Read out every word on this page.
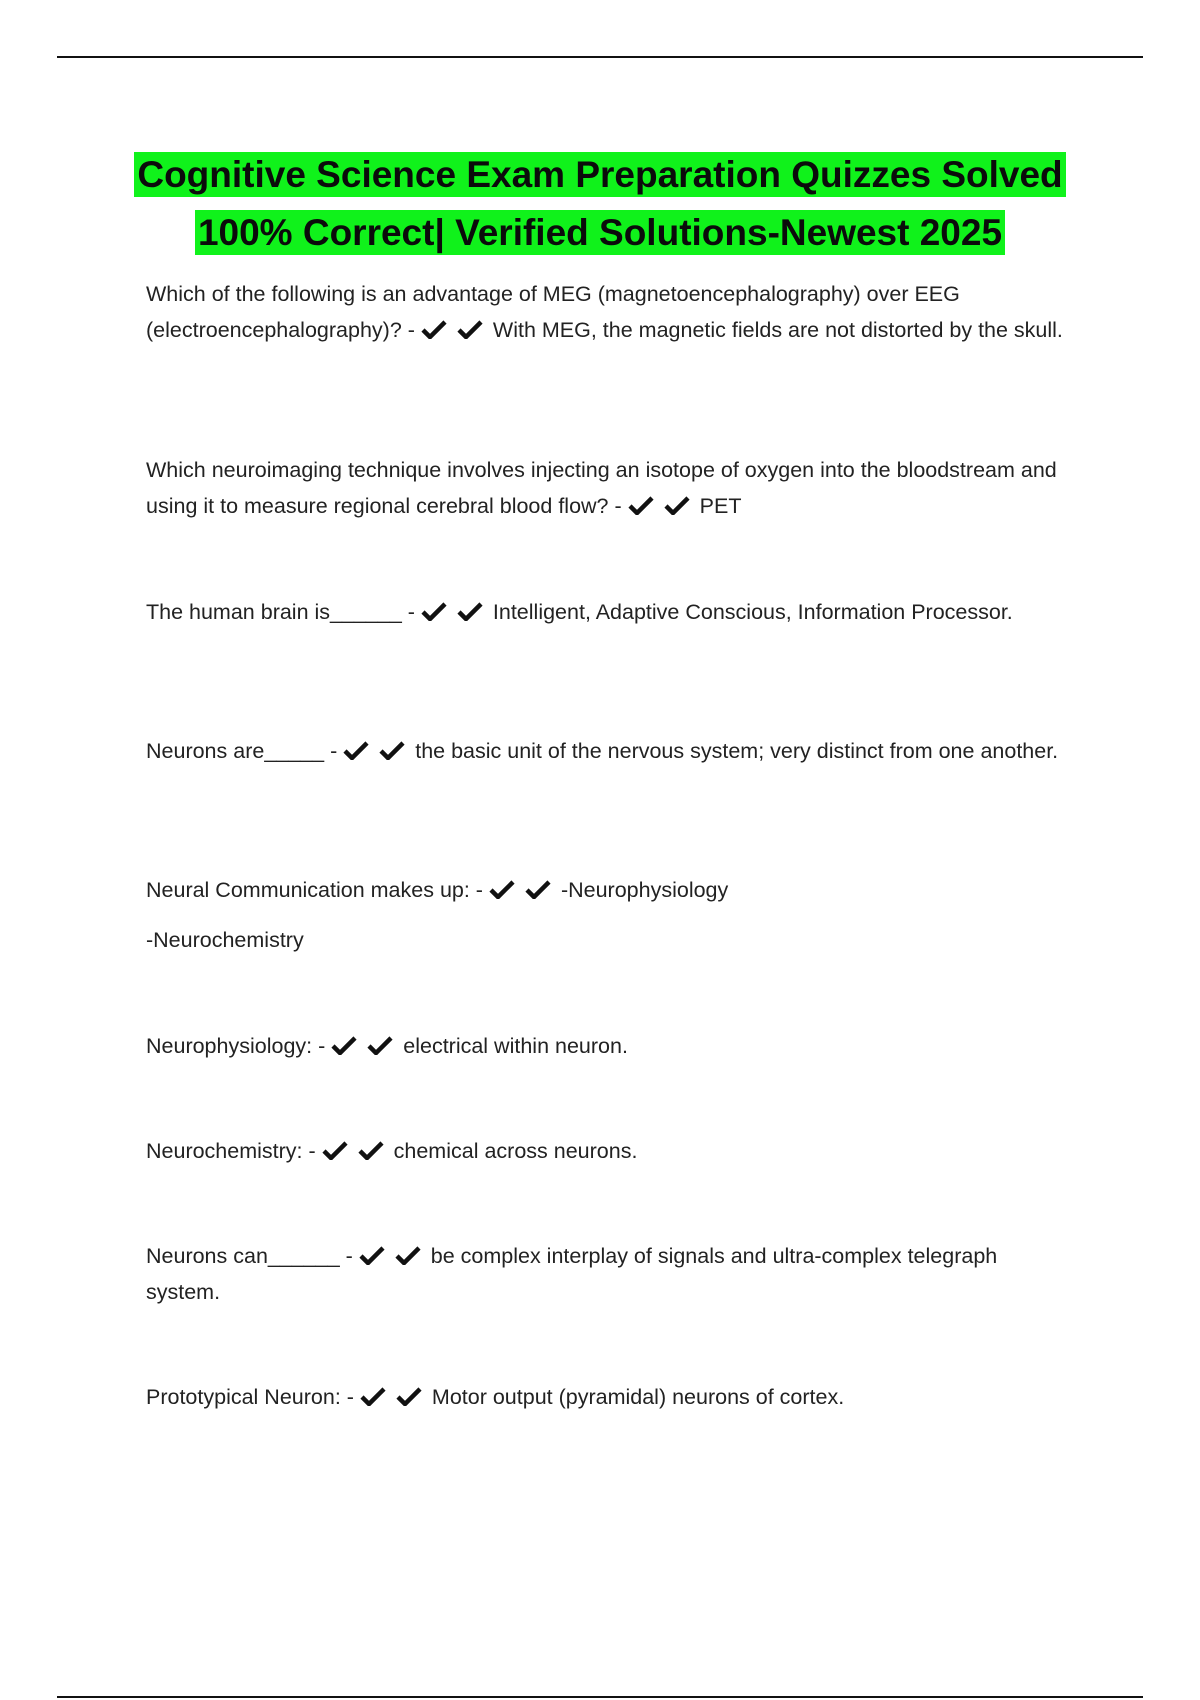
Cognitive Science Exam Preparation Quizzes Solved
100% Correct| Verified Solutions-Newest 2025

Which of the following is an advantage of MEG (magnetoencephalography) over EEG (electroencephalography)? -	With MEG, the magnetic fields are not distorted by the skull.

Which neuroimaging technique involves injecting an isotope of oxygen into the bloodstream and using it to measure regional cerebral blood flow? -	PET

The human brain is______ -	Intelligent, Adaptive Conscious, Information Processor.

Neurons are_____ -	the basic unit of the nervous system; very distinct from one another.

Neural Communication makes up: -	-Neurophysiology

-Neurochemistry

Neurophysiology: -	electrical within neuron.

Neurochemistry: -	chemical across neurons.

Neurons can______ -	be complex interplay of signals and ultra-complex telegraph system.

Prototypical Neuron: -	Motor output (pyramidal) neurons of cortex.
